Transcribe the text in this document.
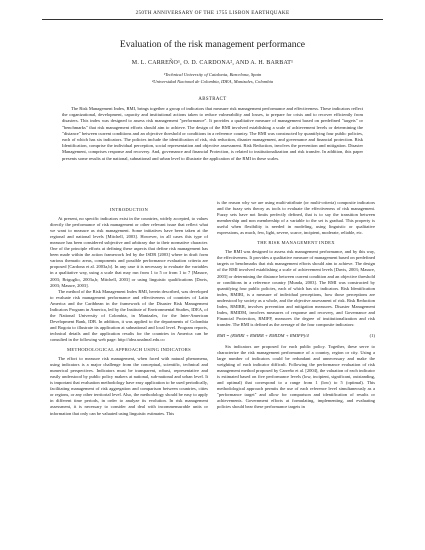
250TH ANNIVERSARY OF THE 1755 LISBON EARTHQUAKE
Evaluation of the risk management performance
M. L. CARREÑO¹, O. D. CARDONA², AND A. H. BARBAT¹
¹Technical University of Catalonia, Barcelona, Spain
²Universidad Nacional de Colombia, IDEA, Manizales, Colombia
ABSTRACT
The Risk Management Index, RMI, brings together a group of indicators that measure risk management performance and effectiveness. These indicators reflect the organizational, development, capacity and institutional actions taken to reduce vulnerability and losses, to prepare for crisis and to recover efficiently from disasters. This index was designed to assess risk management "performance". It provides a qualitative measure of management based on predefined "targets" or "benchmarks" that risk management efforts should aim to achieve. The design of the RMI involved establishing a scale of achievement levels or determining the "distance" between current conditions and an objective threshold or conditions in a reference country. The RMI was constructed by quantifying four public policies, each of which has six indicators. The policies include the identification of risk, risk reduction, disaster management, and governance and financial protection. Risk Identification, comprise the individual perception, social representation and objective assessment. Risk Reduction, involves the prevention and mitigation. Disaster Management, comprises response and recovery. And, governance and financial Protection, is related to institutionalization and risk transfer. In addition, this paper presents some results at the national, subnational and urban level to illustrate the application of the RMI in these scales.
INTRODUCTION

At present, no specific indicators exist in the countries, widely accepted, to values directly the performance of risk management or other relevant issue that reflect what we want to measure as risk management. Some initiatives have been taken at the regional and national levels [Mitchell, 2003]. However, in all cases this type of measure has been considered subjective and arbitrary due to their normative character. One of the principle efforts at defining these aspects that define risk management has been made within the action framework led by the ISDR [2003] where in draft form various thematic areas, components and possible performance evaluation criteria are proposed [Cardona et al. 2003a,b]. In any case it is necessary to evaluate the variables in a qualitative way, using a scale that may run from 1 to 5 or from 1 to 7 [Masure, 2003; Briguglio, 2003a,b; Mitchell, 2003] or using linguistic qualifications [Davis, 2003; Masure, 2003].

The method of the Risk Management Index RMI, herein described, was developed to evaluate risk management performance and effectiveness of countries of Latin America and the Caribbean in the framework of the Disaster Risk Management Indicators Program in America, led by the Institute of Environmental Studies, IDEA, of the National University of Colombia, in Manizales, for the Inter-American Development Bank, IDB. In addition, it was applied to the departments of Colombia and Bogota to illustrate its application at subnational and local level. Program reports, technical details and the application results for the countries in America can be consulted in the following web page: http://idea.unalmzl.edu.co

METHODOLOGICAL APPROACH USING INDICATORS

The effort to measure risk management, when faced with natural phenomena, using indicators is a major challenge from the conceptual, scientific, technical and numerical perspectives. Indicators must be transparent, robust, representative and easily understood by public policy makers at national, sub-national and urban level. It is important that evaluation methodology have easy application to be used periodically, facilitating management of risk aggregation and comparison between countries, cities or regions, or any other territorial level. Also, the methodology should be easy to apply in different time periods, in order to analyze its evolution. In risk management assessment, it is necessary to consider and deal with incommensurable units or information that only can be valuated using linguistic estimates. This

is the reason why we are using multi-attribute (or multi-criteria) composite indicators and the fuzzy sets theory as tools to evaluate the effectiveness of risk management. Fuzzy sets have not limits perfectly defined, that is to say the transition between membership and non membership of a variable to the set is gradual. This property is useful when flexibility is needed in modeling, using linguistic or qualitative expressions, as much, few, light, severe, scarce, incipient, moderate, reliable, etc.

THE RISK MANAGEMENT INDEX

The RMI was designed to assess risk management performance, and by this way, the effectiveness. It provides a qualitative measure of management based on predefined targets or benchmarks that risk management efforts should aim to achieve. The design of the RMI involved establishing a scale of achievement levels [Davis, 2003; Masure, 2003] or determining the distance between current condition and an objective threshold or conditions in a reference country [Munda, 2003]. The RMI was constructed by quantifying four public policies, each of which has six indicators. Risk Identification index, RMIRI, is a measure of individual perceptions, how those perceptions are understood by society as a whole, and the objective assessment of risk. Risk Reduction Index, RMIRR, involves prevention and mitigation measures. Disaster Management Index, RMIDM, involves measures of response and recovery, and Governance and Financial Protection, RMIFP, measures the degree of institutionalization and risk transfer. The RMI is defined as the average of the four composite indicators:

RMI = (RMIRI + RMIRR + RMIDM + RMIFP)/4	(1)

Six indicators are proposed for each public policy. Together, these serve to characterize the risk management performance of a country, region or city. Using a large number of indicators could be redundant and unnecessary and make the weighting of each indicator difficult. Following the performance evaluation of risk management method proposed by Carreño et al. [2004], the valuation of each indicator is estimated based on five performance levels (low, incipient, significant, outstanding, and optimal) that correspond to a range from 1 (low) to 5 (optimal). This methodological approach permits the use of each reference level simultaneously as a "performance target" and allow for comparison and identification of results or achievements. Government efforts at formulating, implementing, and evaluating policies should bear these performance targets in
